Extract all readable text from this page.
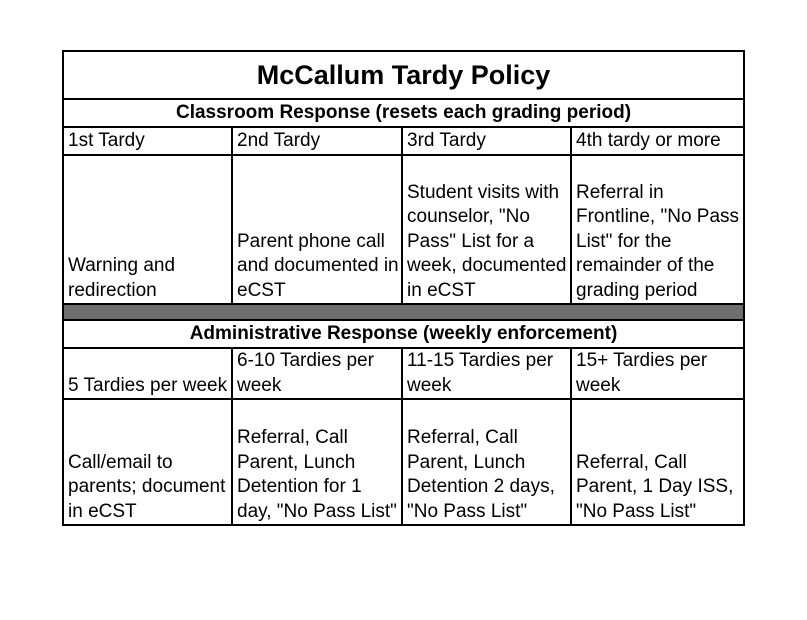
McCallum Tardy Policy			
Classroom Response (resets each grading period)			
1st Tardy	2nd Tardy	3rd Tardy	4th tardy or more

Warning and redirection	Parent phone call and documented in eCST	Student visits with counselor, "No Pass" List for a week, documented in eCST	Referral in Frontline, "No Pass List" for the remainder of the grading period

Administrative Response (weekly enforcement)			
5 Tardies per week	6-10 Tardies per week	11-15 Tardies per week	15+ Tardies per week

Call/email to parents; document in eCST	Referral, Call Parent, Lunch Detention for 1 day, "No Pass List"	Referral, Call Parent, Lunch Detention 2 days, "No Pass List"	Referral, Call Parent, 1 Day ISS, "No Pass List"
